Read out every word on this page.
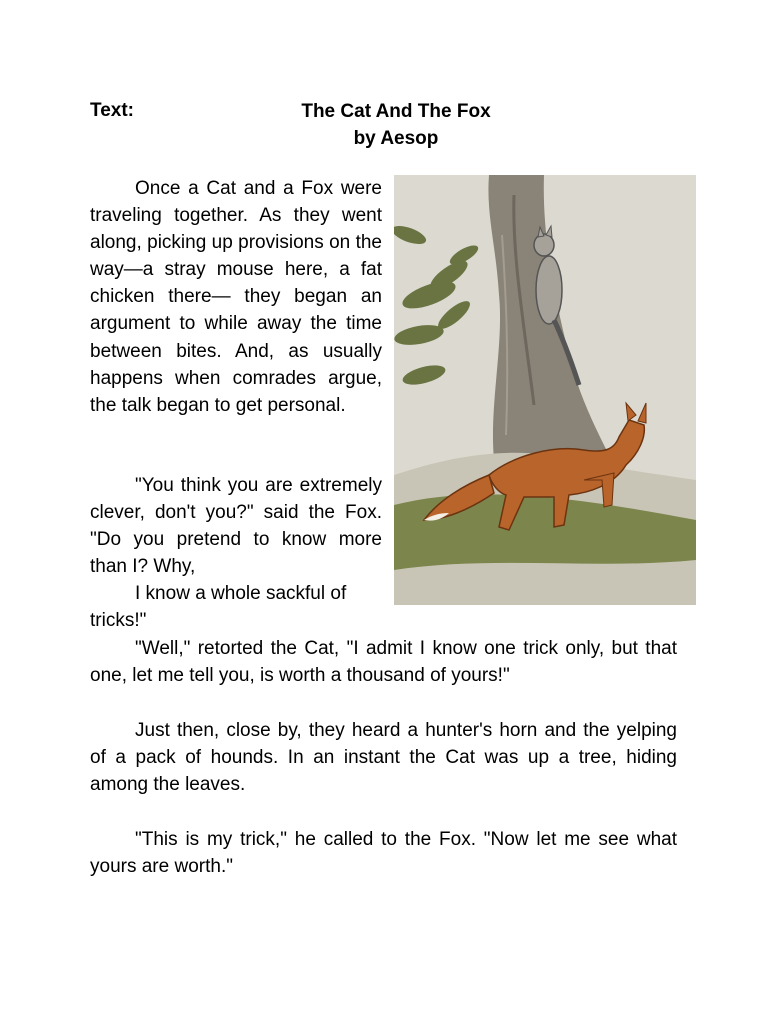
Text:	The Cat And The Fox
by Aesop

Once a Cat and a Fox were traveling together. As they went along, picking up provisions on the way—a stray mouse here, a fat chicken there— they began an argument to while away the time between bites. And, as usually happens when comrades argue, the talk began to get personal.

"You think you are extremely clever, don't you?" said the Fox. "Do you pretend to know more than I? Why,
I know a whole sackful of tricks!"

"Well," retorted the Cat, "I admit I know one trick only, but that one, let me tell you, is worth a thousand of yours!"

Just then, close by, they heard a hunter's horn and the yelping of a pack of hounds. In an instant the Cat was up a tree, hiding among the leaves.

"This is my trick," he called to the Fox. "Now let me see what yours are worth."
